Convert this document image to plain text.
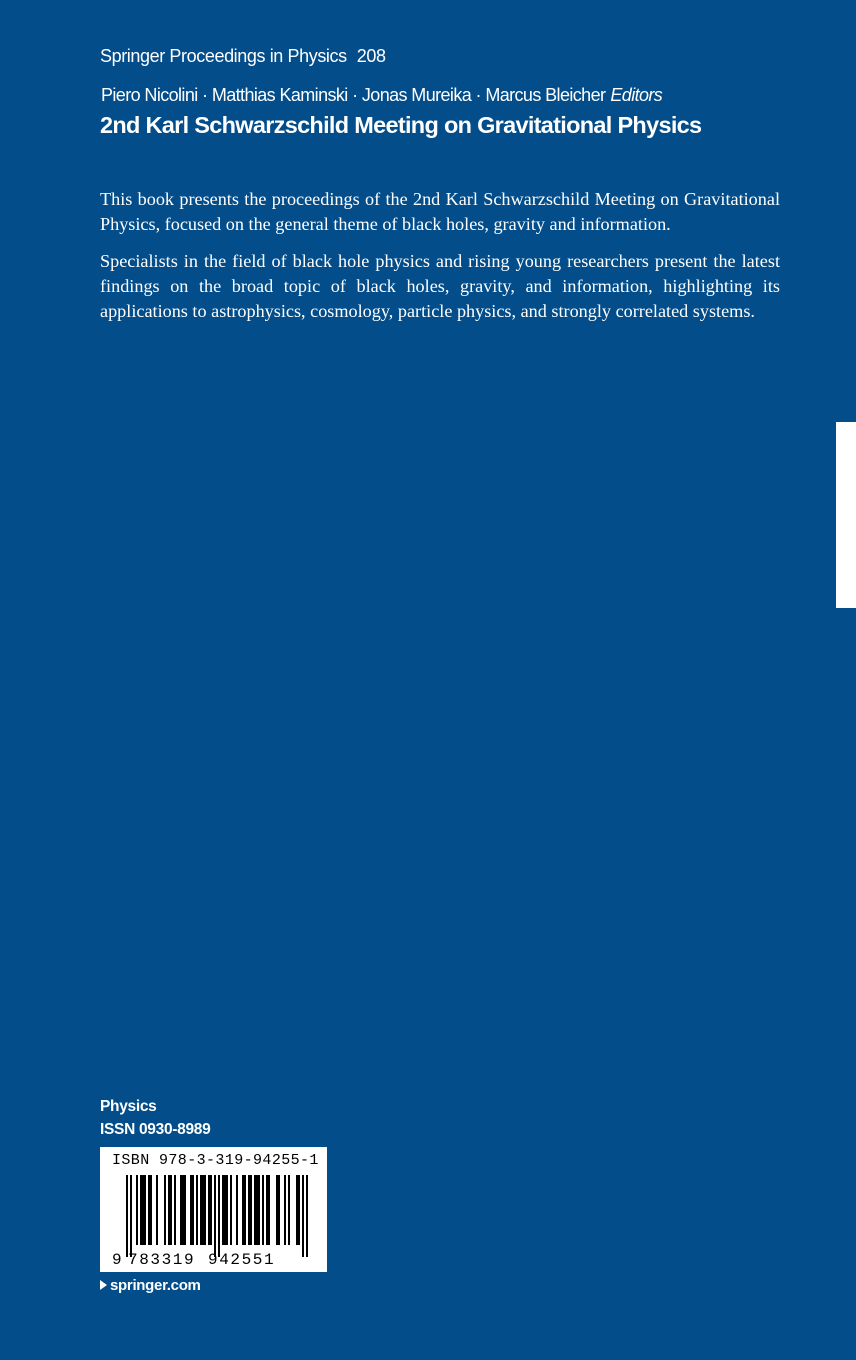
Springer Proceedings in Physics 208
Piero Nicolini · Matthias Kaminski · Jonas Mureika · Marcus Bleicher Editors
2nd Karl Schwarzschild Meeting on Gravitational Physics

This book presents the proceedings of the 2nd Karl Schwarzschild Meeting on Gravitational Physics, focused on the general theme of black holes, gravity and information.

Specialists in the field of black hole physics and rising young researchers present the latest findings on the broad topic of black holes, gravity, and information, highlighting its applications to astrophysics, cosmology, particle physics, and strongly correlated systems.

Physics
ISSN 0930-8989
ISBN 978-3-319-94255-1
9 783319 942551
springer.com
